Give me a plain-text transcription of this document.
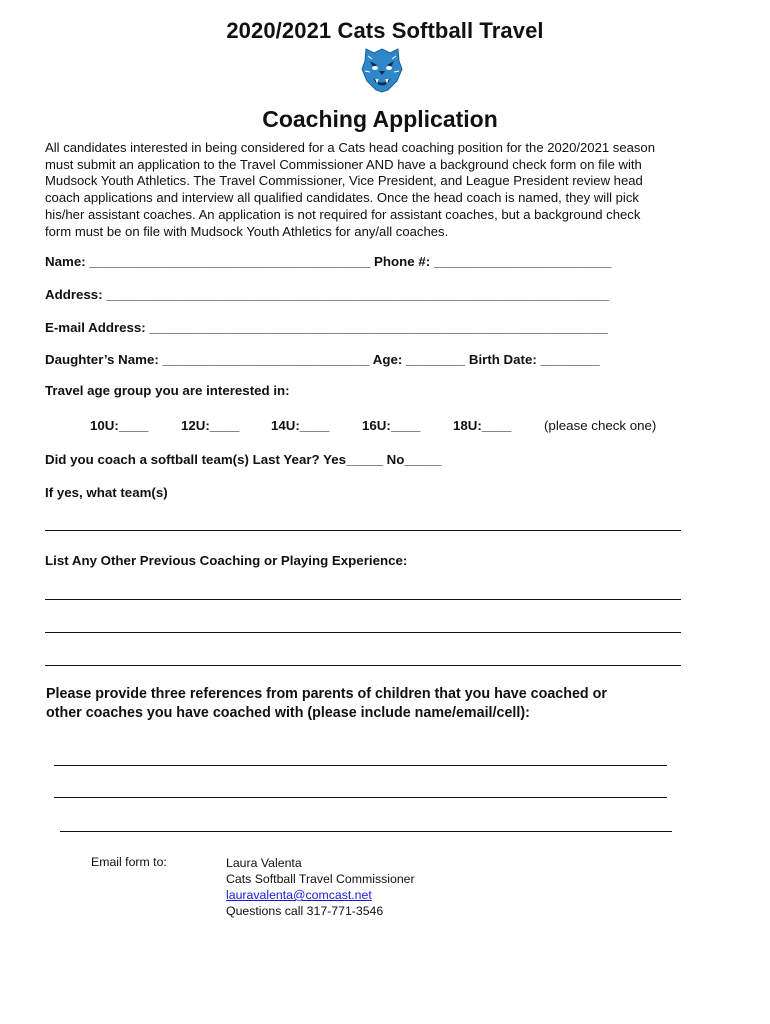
2020/2021 Cats Softball Travel
Coaching Application
All candidates interested in being considered for a Cats head coaching position for the 2020/2021 season
must submit an application to the Travel Commissioner AND have a background check form on file with
Mudsock Youth Athletics. The Travel Commissioner, Vice President, and League President review head
coach applications and interview all qualified candidates. Once the head coach is named, they will pick
his/her assistant coaches. An application is not required for assistant coaches, but a background check
form must be on file with Mudsock Youth Athletics for any/all coaches.
Name: ______________________________________ Phone #: ________________________
Address: ____________________________________________________________________
E-mail Address: ______________________________________________________________
Daughter’s Name: ____________________________ Age: ________ Birth Date: ________
Travel age group you are interested in:
10U:____ 12U:____ 14U:____ 16U:____ 18U:____ (please check one)
Did you coach a softball team(s) Last Year? Yes_____ No_____
If yes, what team(s)
List Any Other Previous Coaching or Playing Experience:
Please provide three references from parents of children that you have coached or
other coaches you have coached with (please include name/email/cell):
Email form to:	Laura Valenta
Cats Softball Travel Commissioner
lauravalenta@comcast.net
Questions call 317-771-3546
